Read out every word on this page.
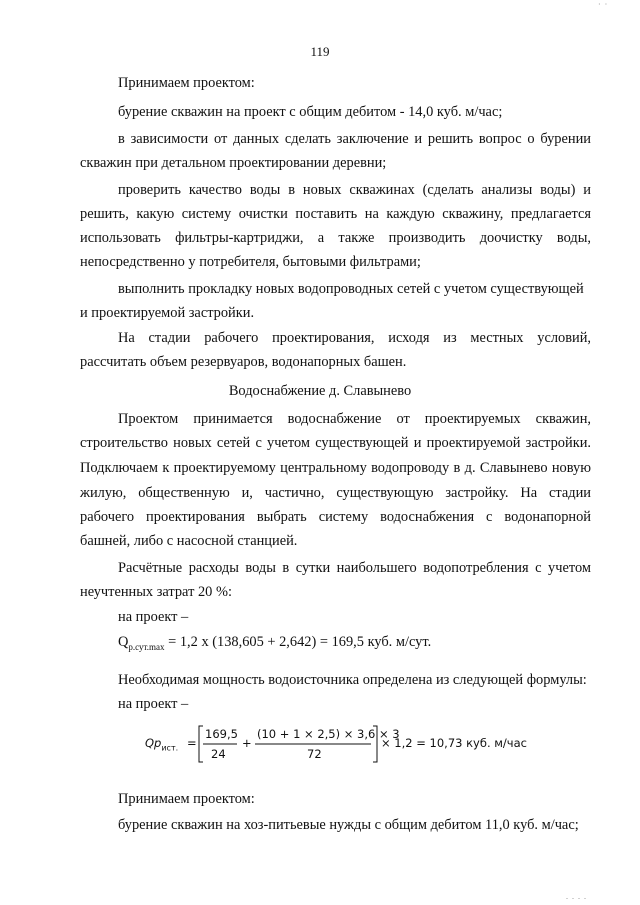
· ·
119
Принимаем проектом:
бурение скважин на проект с общим дебитом - 14,0 куб. м/час;
в зависимости от данных сделать заключение и решить вопрос о бурении
скважин при детальном проектировании деревни;
проверить качество воды в новых скважинах (сделать анализы воды) и
решить, какую систему очистки поставить на каждую скважину, предлагается
использовать фильтры-картриджи, а также производить доочистку воды,
непосредственно у потребителя, бытовыми фильтрами;
выполнить прокладку новых водопроводных сетей с учетом существующей
и проектируемой застройки.
На стадии рабочего проектирования, исходя из местных условий,
рассчитать объем резервуаров, водонапорных башен.
Водоснабжение д. Славынево
Проектом принимается водоснабжение от проектируемых скважин,
строительство новых сетей с учетом существующей и проектируемой застройки.
Подключаем к проектируемому центральному водопроводу в д. Славынево новую
жилую, общественную и, частично, существующую застройку. На стадии
рабочего проектирования выбрать систему водоснабжения с водонапорной
башней, либо с насосной станцией.
Расчётные расходы воды в сутки наибольшего водопотребления с учетом
неучтенных затрат 20 %:
на проект –
$Q_{р.сут.max} = 1,2$ х (138,605 + 2,642) = 169,5 куб. м/сут.
Необходимая мощность водоисточника определена из следующей формулы:
на проект –
$Qр_{ист.}$ =
169,5
24
+
(10 + 1 × 2,5) × 3,6 × 3
72
× 1,2 = 10,73 куб. м/час
Принимаем проектом:
бурение скважин на хоз-питьевые нужды с общим дебитом 11,0 куб. м/час;
. . . .
